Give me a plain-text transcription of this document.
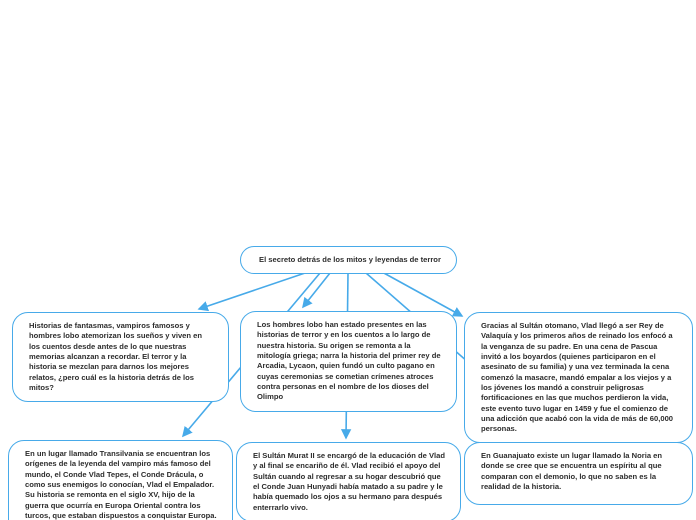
El secreto detrás de los mitos y leyendas de terror
Historias de fantasmas, vampiros famosos y hombres lobo atemorizan los sueños y viven en los cuentos desde antes de lo que nuestras memorias alcanzan a recordar. El terror y la historia se mezclan para darnos los mejores relatos, ¿pero cuál es la historia detrás de los mitos?
Los hombres lobo han estado presentes en las historias de terror y en los cuentos a lo largo de nuestra historia. Su origen se remonta a la mitología griega; narra la historia del primer rey de Arcadia, Lycaon, quien fundó un culto pagano en cuyas ceremonias se cometian crímenes atroces contra personas en el nombre de los dioses del Olimpo
Gracias al Sultán otomano, Vlad llegó a ser Rey de Valaquía y los primeros años de reinado los enfocó a la venganza de su padre. En una cena de Pascua invitó a los boyardos (quienes participaron en el asesinato de su familia) y una vez terminada la cena comenzó la masacre, mandó empalar a los viejos y a los jóvenes los mandó a construir peligrosas fortificaciones en las que muchos perdieron la vida, este evento tuvo lugar en 1459 y fue el comienzo de una adicción que acabó con la vida de más de 60,000 personas.
En un lugar llamado Transilvania se encuentran los orígenes de la leyenda del vampiro más famoso del mundo, el Conde Vlad Tepes, el Conde Drácula, o como sus enemigos lo conocían, Vlad el Empalador. Su historia se remonta en el siglo XV, hijo de la guerra que ocurría en Europa Oriental contra los turcos, que estaban dispuestos a conquistar Europa.
El Sultán Murat II se encargó de la educación de Vlad y al final se encariño de él. Vlad recibió el apoyo del Sultán cuando al regresar a su hogar descubrió que el Conde Juan Hunyadi había matado a su padre y le había quemado los ojos a su hermano para después enterrarlo vivo.
En Guanajuato existe un lugar llamado la Noria en donde se cree que se encuentra un espíritu al que comparan con el demonio, lo que no saben es la realidad de la historia.
